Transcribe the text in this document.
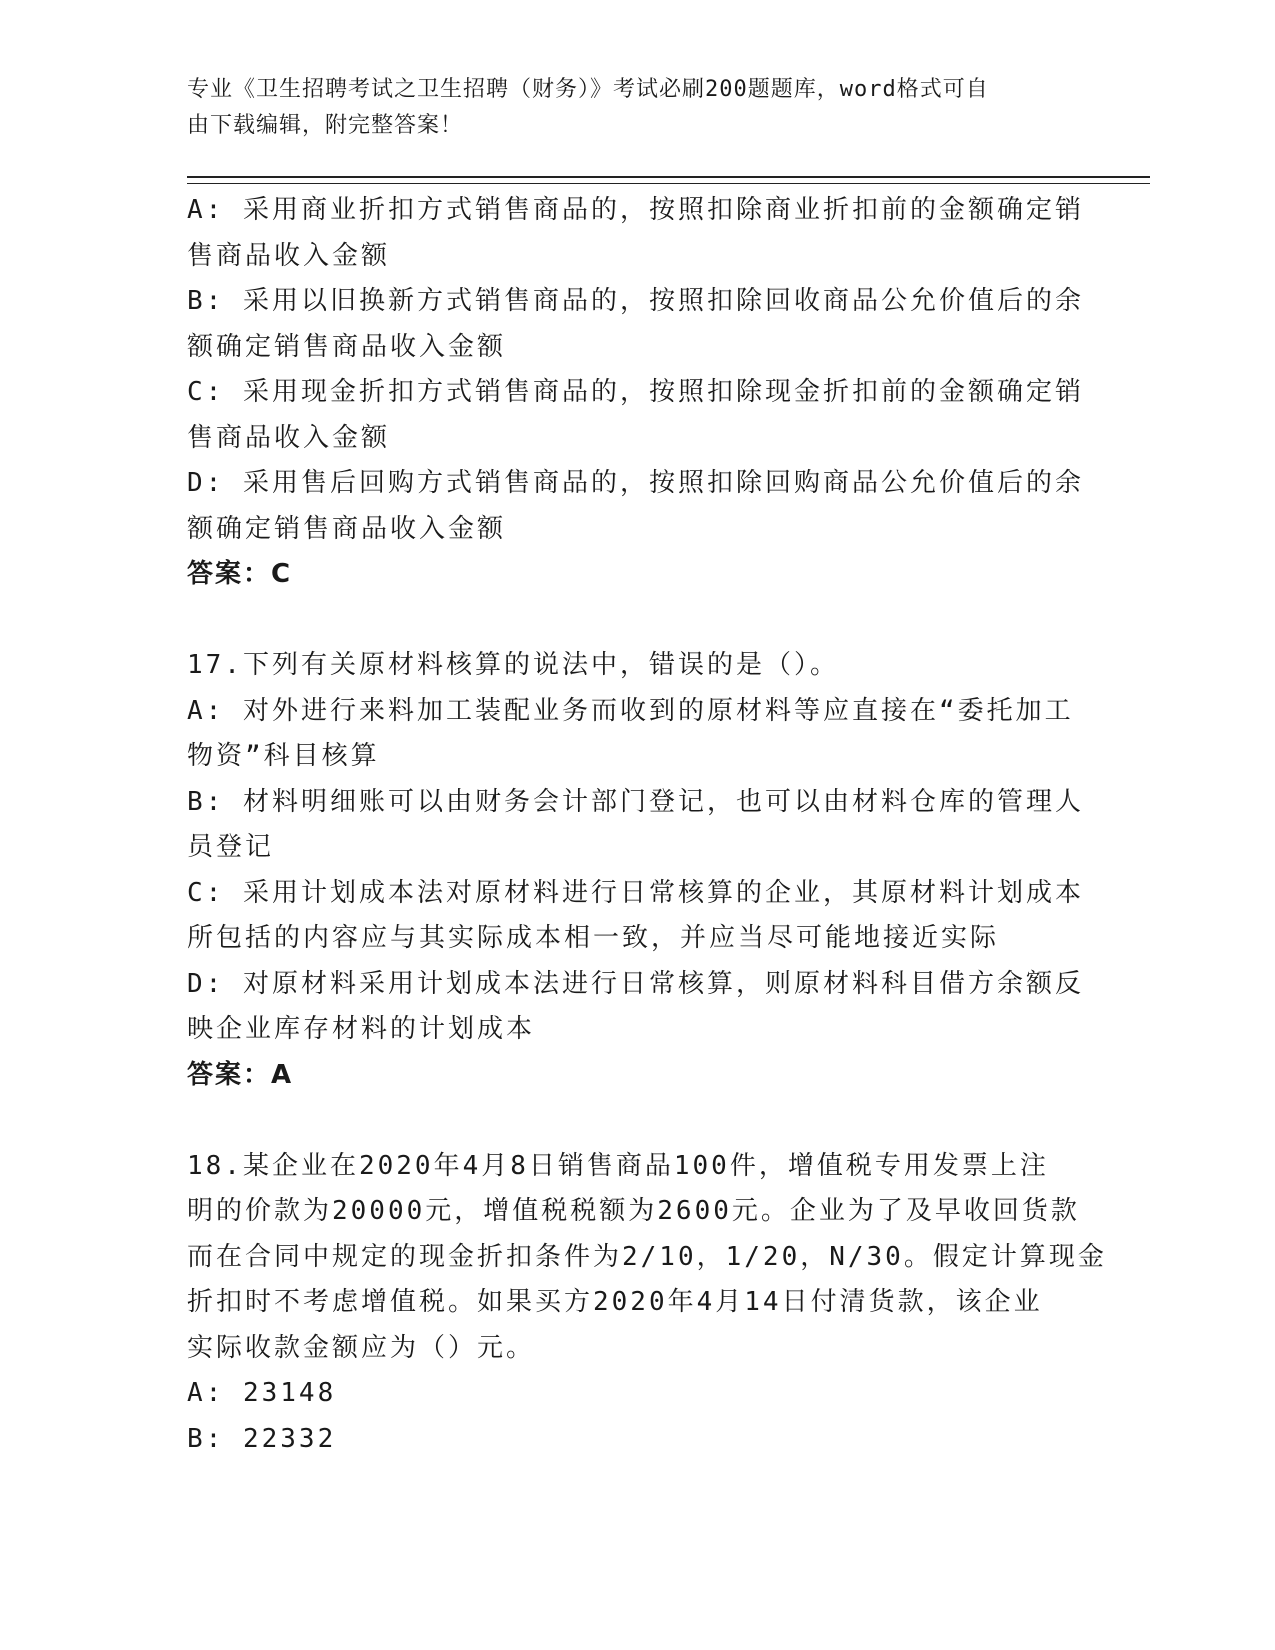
专业《卫生招聘考试之卫生招聘（财务）》考试必刷200题题库，word格式可自
由下载编辑，附完整答案！
A: 采用商业折扣方式销售商品的，按照扣除商业折扣前的金额确定销
售商品收入金额
B: 采用以旧换新方式销售商品的，按照扣除回收商品公允价值后的余
额确定销售商品收入金额
C: 采用现金折扣方式销售商品的，按照扣除现金折扣前的金额确定销
售商品收入金额
D: 采用售后回购方式销售商品的，按照扣除回购商品公允价值后的余
额确定销售商品收入金额
答案：C
17.下列有关原材料核算的说法中，错误的是（）。
A: 对外进行来料加工装配业务而收到的原材料等应直接在“委托加工
物资”科目核算
B: 材料明细账可以由财务会计部门登记，也可以由材料仓库的管理人
员登记
C: 采用计划成本法对原材料进行日常核算的企业，其原材料计划成本
所包括的内容应与其实际成本相一致，并应当尽可能地接近实际
D: 对原材料采用计划成本法进行日常核算，则原材料科目借方余额反
映企业库存材料的计划成本
答案：A
18.某企业在2020年4月8日销售商品100件，增值税专用发票上注
明的价款为20000元，增值税税额为2600元。企业为了及早收回货款
而在合同中规定的现金折扣条件为2/10，1/20，N/30。假定计算现金
折扣时不考虑增值税。如果买方2020年4月14日付清货款，该企业
实际收款金额应为（）元。
A: 23148
B: 22332
